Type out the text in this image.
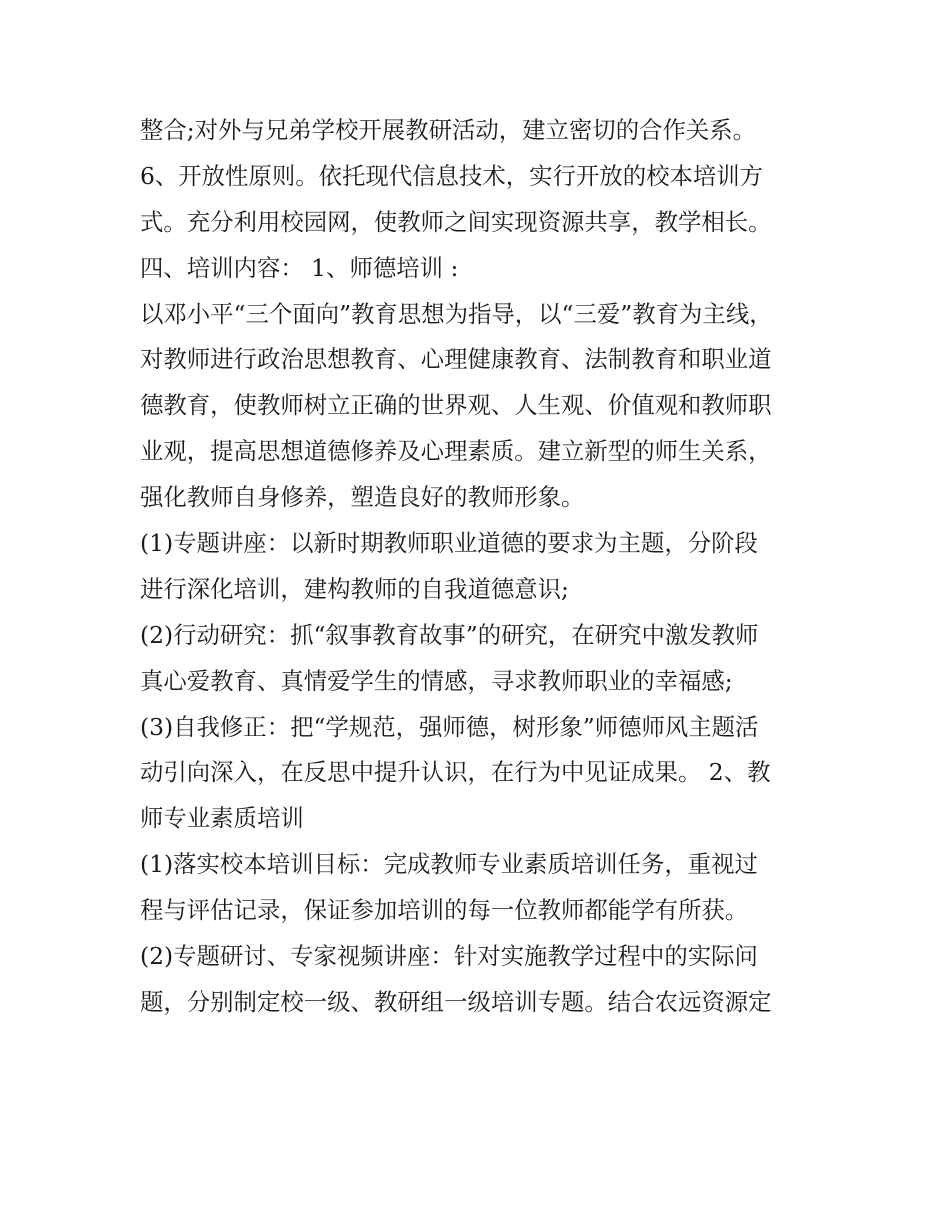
整合;对外与兄弟学校开展教研活动，建立密切的合作关系。
6、开放性原则。依托现代信息技术，实行开放的校本培训方
式。充分利用校园网，使教师之间实现资源共享，教学相长。
四、培训内容： 1、师德培训 :
以邓小平“三个面向”教育思想为指导，以“三爱”教育为主线，
对教师进行政治思想教育、心理健康教育、法制教育和职业道
德教育，使教师树立正确的世界观、人生观、价值观和教师职
业观，提高思想道德修养及心理素质。建立新型的师生关系，
强化教师自身修养，塑造良好的教师形象。
(1)专题讲座：以新时期教师职业道德的要求为主题，分阶段
进行深化培训，建构教师的自我道德意识;
(2)行动研究：抓“叙事教育故事”的研究，在研究中激发教师
真心爱教育、真情爱学生的情感，寻求教师职业的幸福感;
(3)自我修正：把“学规范，强师德，树形象”师德师风主题活
动引向深入，在反思中提升认识，在行为中见证成果。 2、教
师专业素质培训
(1)落实校本培训目标：完成教师专业素质培训任务，重视过
程与评估记录，保证参加培训的每一位教师都能学有所获。
(2)专题研讨、专家视频讲座：针对实施教学过程中的实际问
题，分别制定校一级、教研组一级培训专题。结合农远资源定
